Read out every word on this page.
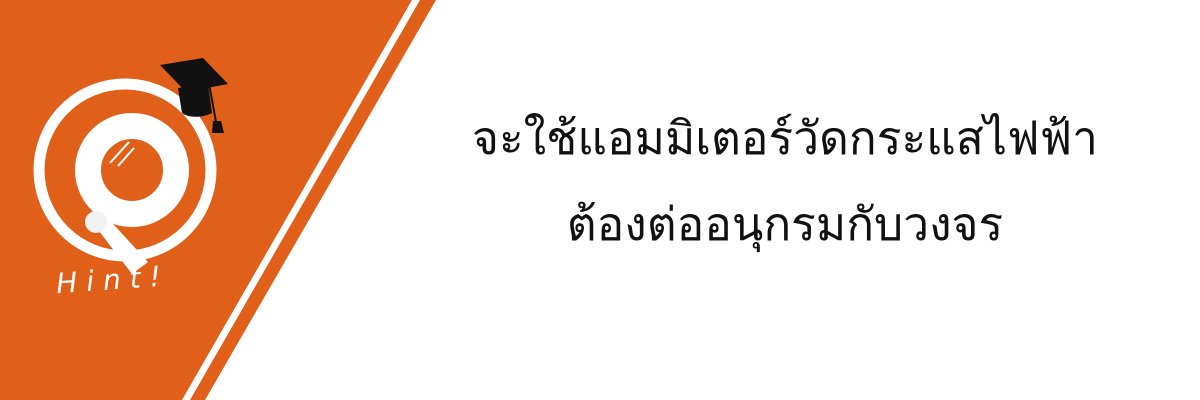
Hint!
จะใช้แอมมิเตอร์วัดกระแสไฟฟ้า
ต้องต่ออนุกรมกับวงจร
